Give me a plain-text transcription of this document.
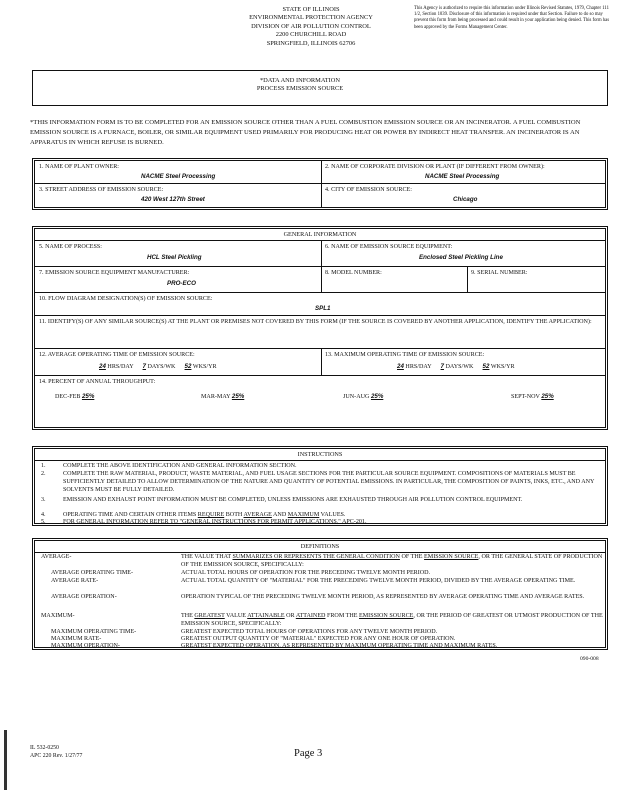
STATE OF ILLINOIS
ENVIRONMENTAL PROTECTION AGENCY
DIVISION OF AIR POLLUTION CONTROL
2200 CHURCHILL ROAD
SPRINGFIELD, ILLINOIS 62706
This Agency is authorized to require this information under Illinois Revised Statutes, 1979, Chapter 111 1/2, Section 1039. Disclosure of this information is required under that Section. Failure to do so may prevent this form from being processed and could result in your application being denied. This form has been approved by the Forms Management Center.
*DATA AND INFORMATION
PROCESS EMISSION SOURCE
*THIS INFORMATION FORM IS TO BE COMPLETED FOR AN EMISSION SOURCE OTHER THAN A FUEL COMBUSTION EMISSION SOURCE OR AN INCINERATOR. A FUEL COMBUSTION EMISSION SOURCE IS A FURNACE, BOILER, OR SIMILAR EQUIPMENT USED PRIMARILY FOR PRODUCING HEAT OR POWER BY INDIRECT HEAT TRANSFER. AN INCINERATOR IS AN APPARATUS IN WHICH REFUSE IS BURNED.
1. NAME OF PLANT OWNER:
NACME Steel Processing
2. NAME OF CORPORATE DIVISION OR PLANT (IF DIFFERENT FROM OWNER):
NACME Steel Processing
3. STREET ADDRESS OF EMISSION SOURCE:
420 West 127th Street
4. CITY OF EMISSION SOURCE:
Chicago
GENERAL INFORMATION
5. NAME OF PROCESS:
HCL Steel Pickling
6. NAME OF EMISSION SOURCE EQUIPMENT:
Enclosed Steel Pickling Line
7. EMISSION SOURCE EQUIPMENT MANUFACTURER:
PRO-ECO
8. MODEL NUMBER:	9. SERIAL NUMBER:
10. FLOW DIAGRAM DESIGNATION(S) OF EMISSION SOURCE:
SPL1
11. IDENTIFY(S) OF ANY SIMILAR SOURCE(S) AT THE PLANT OR PREMISES NOT COVERED BY THIS FORM (IF THE SOURCE IS COVERED BY ANOTHER APPLICATION, IDENTIFY THE APPLICATION):
12. AVERAGE OPERATING TIME OF EMISSION SOURCE:
24 HRS/DAY 7 DAYS/WK 52 WKS/YR
13. MAXIMUM OPERATING TIME OF EMISSION SOURCE:
24 HRS/DAY 7 DAYS/WK 52 WKS/YR
14. PERCENT OF ANNUAL THROUGHPUT:
DEC-FEB 25%	MAR-MAY 25%	JUN-AUG 25%	SEPT-NOV 25%
INSTRUCTIONS
1.	COMPLETE THE ABOVE IDENTIFICATION AND GENERAL INFORMATION SECTION.
2.	COMPLETE THE RAW MATERIAL, PRODUCT, WASTE MATERIAL, AND FUEL USAGE SECTIONS FOR THE PARTICULAR SOURCE EQUIPMENT. COMPOSITIONS OF MATERIALS MUST BE SUFFICIENTLY DETAILED TO ALLOW DETERMINATION OF THE NATURE AND QUANTITY OF POTENTIAL EMISSIONS. IN PARTICULAR, THE COMPOSITION OF PAINTS, INKS, ETC., AND ANY SOLVENTS MUST BE FULLY DETAILED.
3.	EMISSION AND EXHAUST POINT INFORMATION MUST BE COMPLETED, UNLESS EMISSIONS ARE EXHAUSTED THROUGH AIR POLLUTION CONTROL EQUIPMENT.
4.	OPERATING TIME AND CERTAIN OTHER ITEMS REQUIRE BOTH AVERAGE AND MAXIMUM VALUES.
5.	FOR GENERAL INFORMATION REFER TO "GENERAL INSTRUCTIONS FOR PERMIT APPLICATIONS," APC-201.
DEFINITIONS
AVERAGE-	THE VALUE THAT SUMMARIZES OR REPRESENTS THE GENERAL CONDITION OF THE EMISSION SOURCE, OR THE GENERAL STATE OF PRODUCTION OF THE EMISSION SOURCE, SPECIFICALLY:
AVERAGE OPERATING TIME-	ACTUAL TOTAL HOURS OF OPERATION FOR THE PRECEDING TWELVE MONTH PERIOD.
AVERAGE RATE-	ACTUAL TOTAL QUANTITY OF "MATERIAL" FOR THE PRECEDING TWELVE MONTH PERIOD, DIVIDED BY THE AVERAGE OPERATING TIME.
AVERAGE OPERATION-	OPERATION TYPICAL OF THE PRECEDING TWELVE MONTH PERIOD, AS REPRESENTED BY AVERAGE OPERATING TIME AND AVERAGE RATES.
MAXIMUM-	THE GREATEST VALUE ATTAINABLE OR ATTAINED FROM THE EMISSION SOURCE, OR THE PERIOD OF GREATEST OR UTMOST PRODUCTION OF THE EMISSION SOURCE, SPECIFICALLY:
MAXIMUM OPERATING TIME-	GREATEST EXPECTED TOTAL HOURS OF OPERATIONS FOR ANY TWELVE MONTH PERIOD.
MAXIMUM RATE-	GREATEST OUTPUT QUANTITY OF "MATERIAL" EXPECTED FOR ANY ONE HOUR OF OPERATION.
MAXIMUM OPERATION-	GREATEST EXPECTED OPERATION, AS REPRESENTED BY MAXIMUM OPERATING TIME AND MAXIMUM RATES.
090-008
Page 3
IL 532-0250
APC 220 Rev. 1/27/77
